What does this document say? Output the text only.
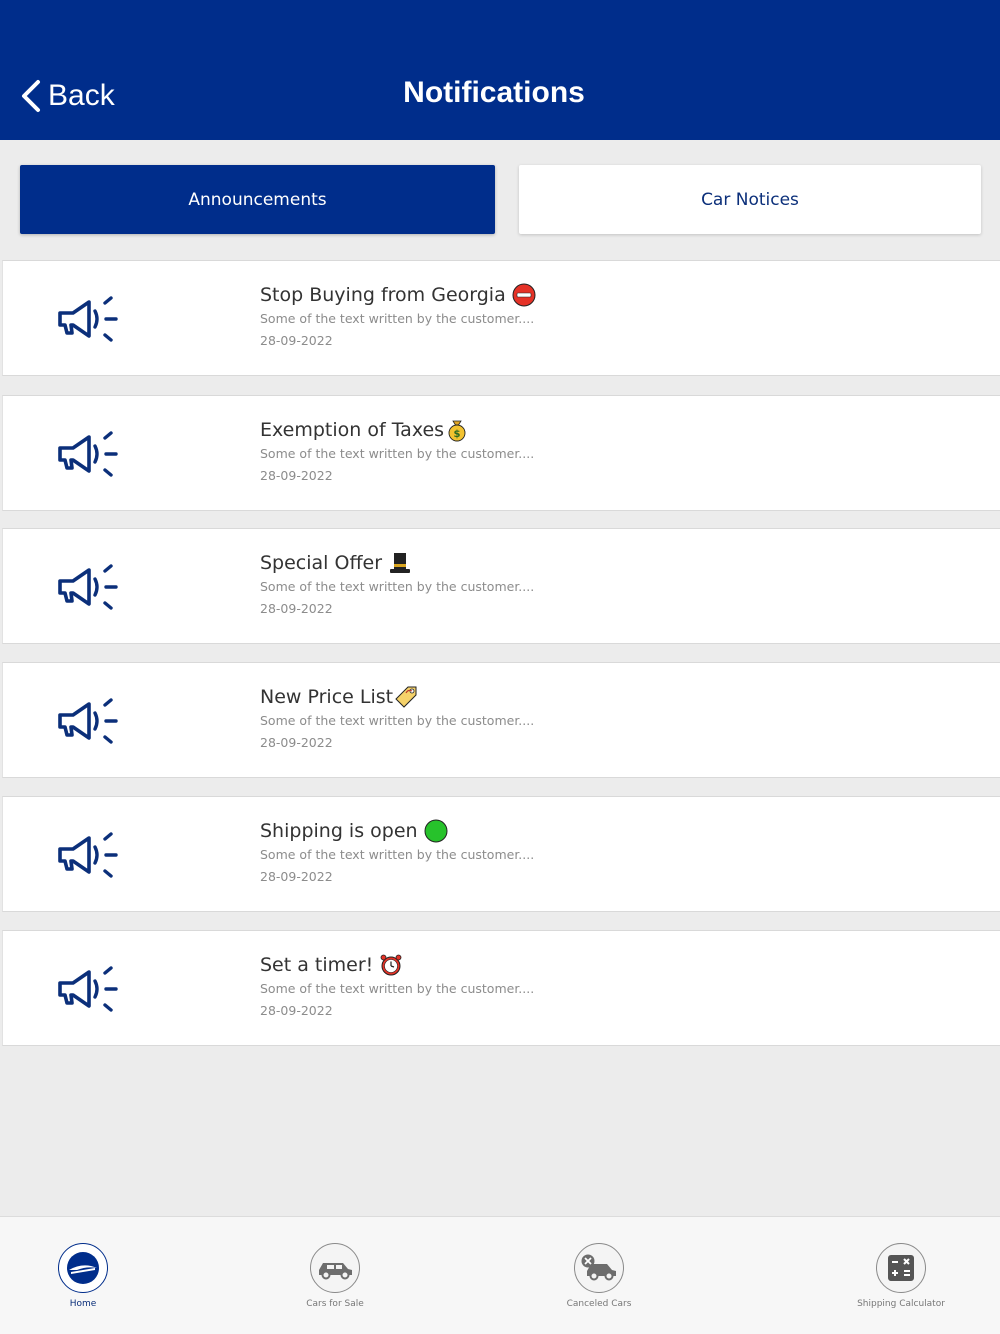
Back	Notifications
Announcements	Car Notices
Stop Buying from Georgia
Some of the text written by the customer....
28-09-2022
Exemption of Taxes $
Some of the text written by the customer....
28-09-2022
Special Offer
Some of the text written by the customer....
28-09-2022
New Price List
Some of the text written by the customer....
28-09-2022
Shipping is open
Some of the text written by the customer....
28-09-2022
Set a timer!
Some of the text written by the customer....
28-09-2022
Home	Cars for Sale	Canceled Cars	Shipping Calculator
